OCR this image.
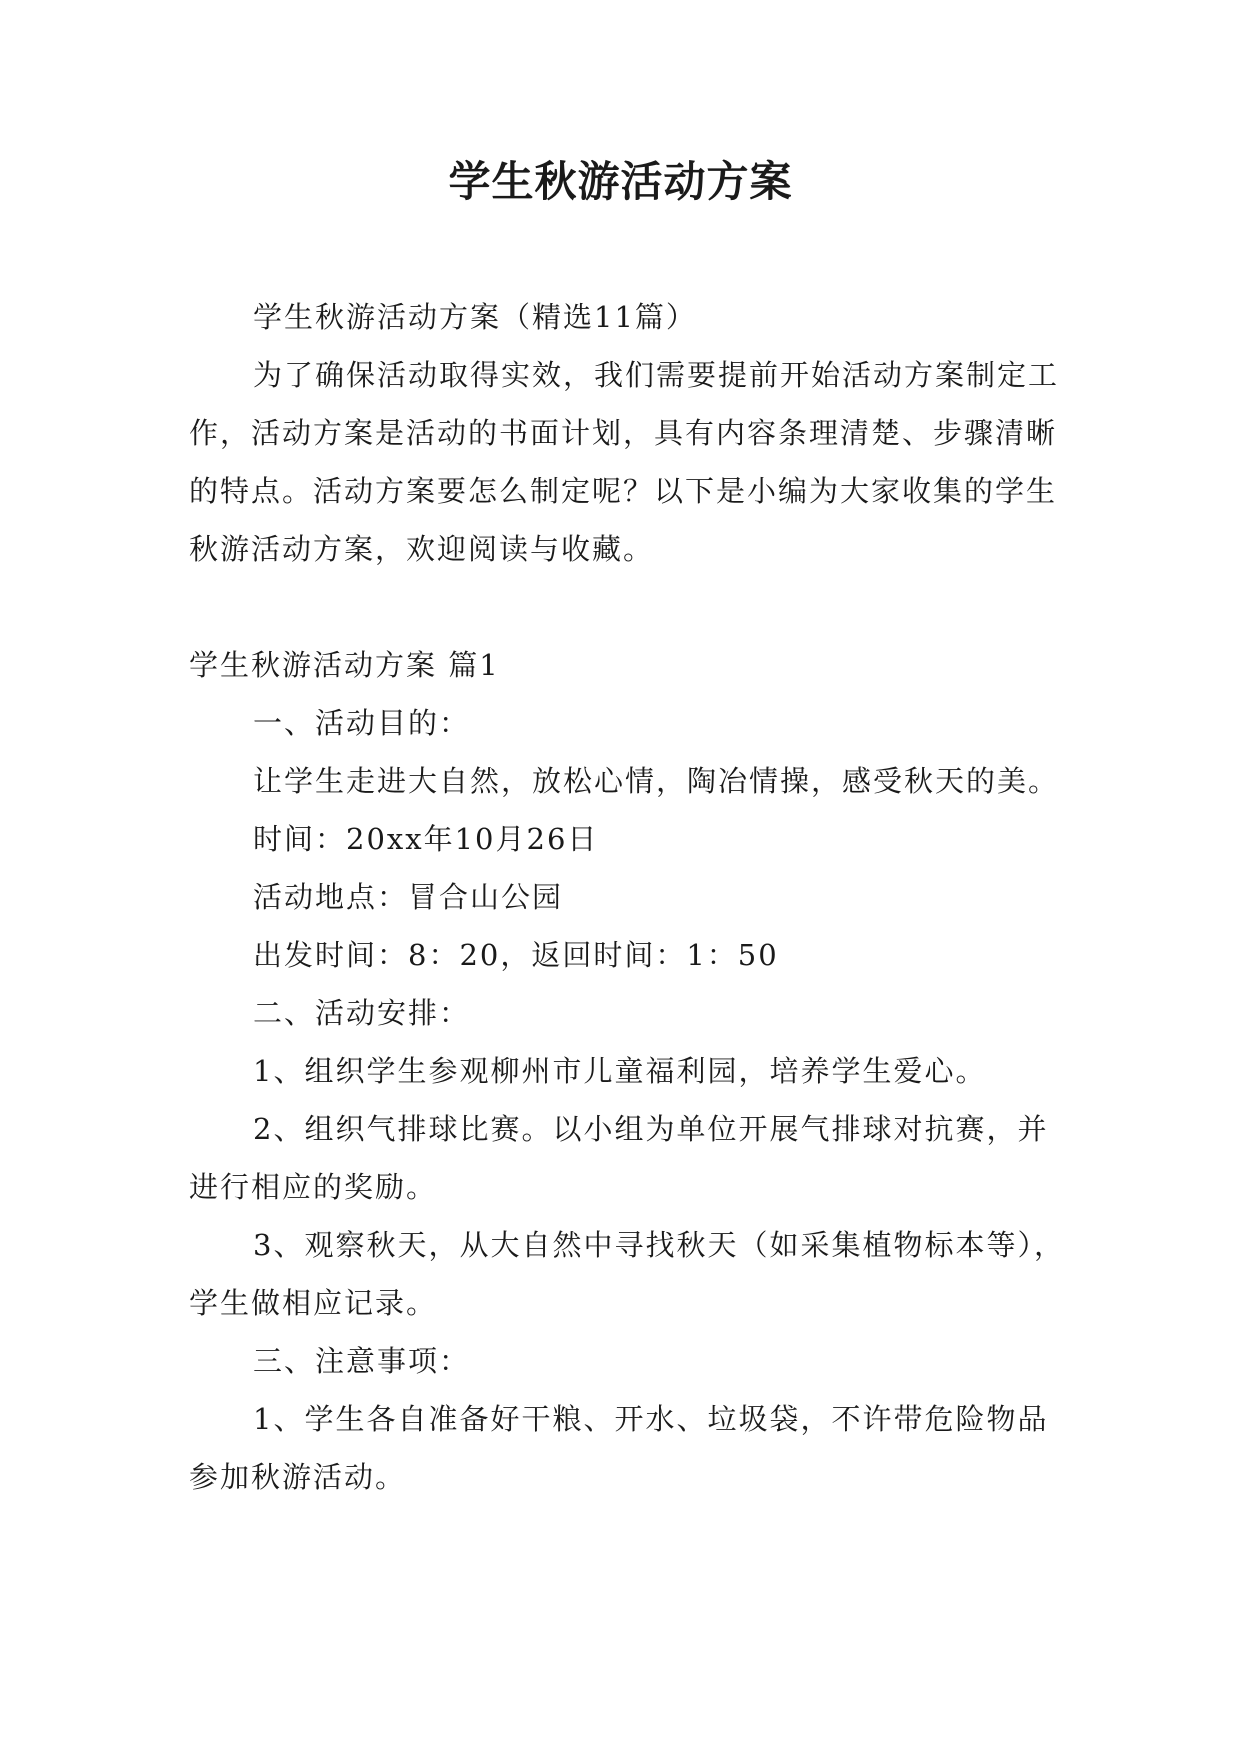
学生秋游活动方案

学生秋游活动方案（精选11篇）

为了确保活动取得实效，我们需要提前开始活动方案制定工作，活动方案是活动的书面计划，具有内容条理清楚、步骤清晰的特点。活动方案要怎么制定呢？以下是小编为大家收集的学生秋游活动方案，欢迎阅读与收藏。

学生秋游活动方案 篇1

一、活动目的：

让学生走进大自然，放松心情，陶冶情操，感受秋天的美。

时间：20xx年10月26日

活动地点：冒合山公园

出发时间：8：20，返回时间：1：50

二、活动安排：

1、组织学生参观柳州市儿童福利园，培养学生爱心。

2、组织气排球比赛。以小组为单位开展气排球对抗赛，并进行相应的奖励。

3、观察秋天，从大自然中寻找秋天（如采集植物标本等），学生做相应记录。

三、注意事项：

1、学生各自准备好干粮、开水、垃圾袋，不许带危险物品参加秋游活动。
